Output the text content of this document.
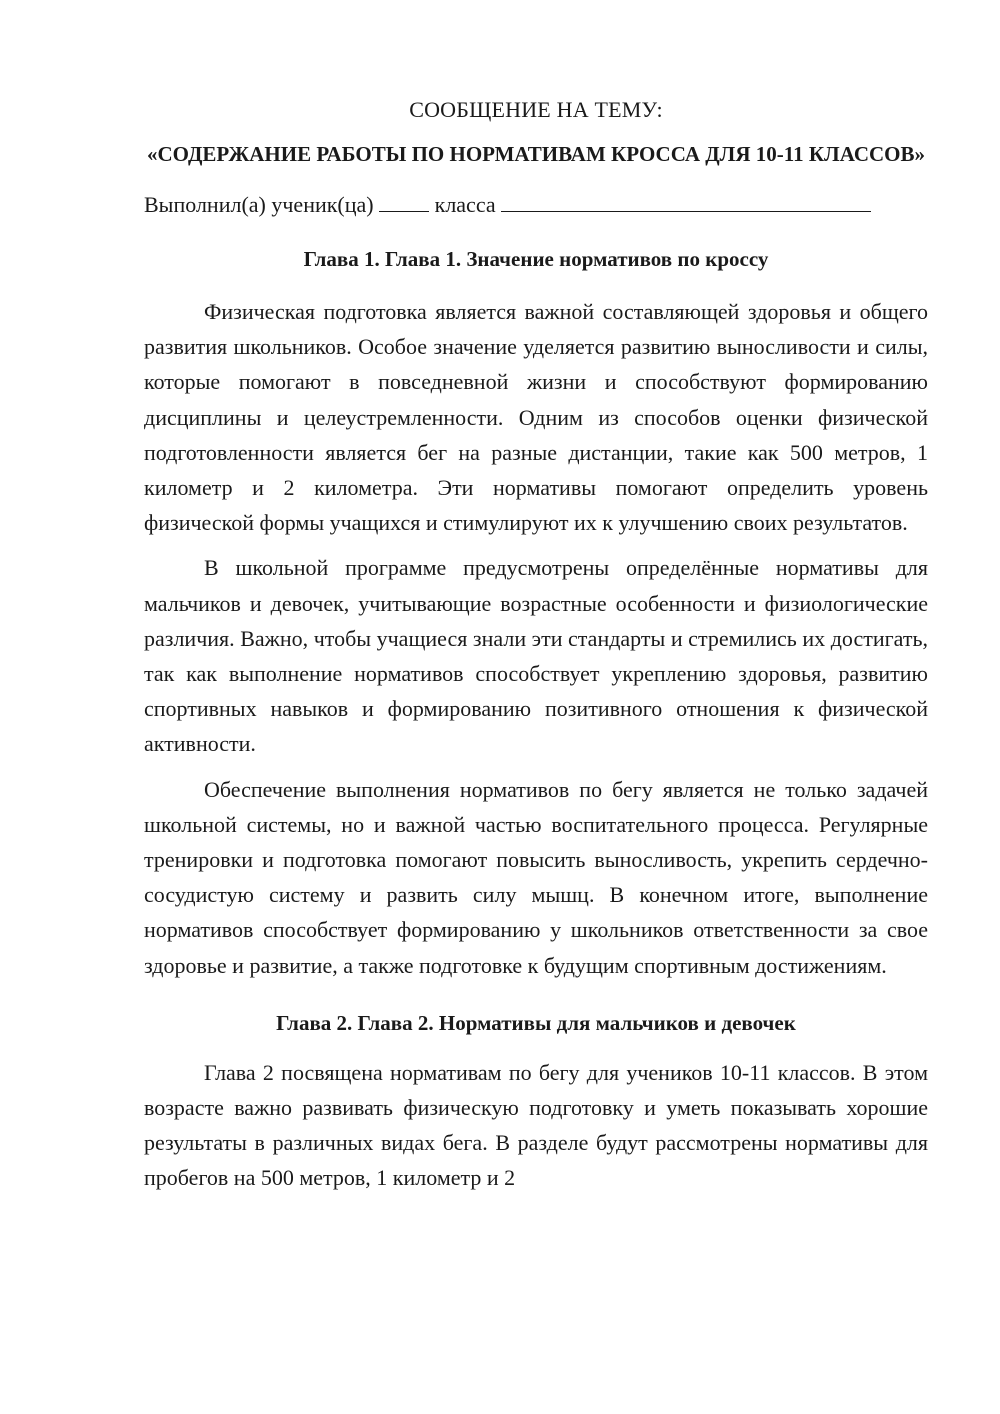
СООБЩЕНИЕ НА ТЕМУ:

«СОДЕРЖАНИЕ РАБОТЫ ПО НОРМАТИВАМ КРОССА ДЛЯ 10-11 КЛАССОВ»

Выполнил(а) ученик(ца)	класса
Глава 1. Глава 1. Значение нормативов по кроссу

Физическая подготовка является важной составляющей здоровья и общего развития школьников. Особое значение уделяется развитию выносливости и силы, которые помогают в повседневной жизни и способствуют формированию дисциплины и целеустремленности. Одним из способов оценки физической подготовленности является бег на разные дистанции, такие как 500 метров, 1 километр и 2 километра. Эти нормативы помогают определить уровень физической формы учащихся и стимулируют их к улучшению своих результатов.

В школьной программе предусмотрены определённые нормативы для мальчиков и девочек, учитывающие возрастные особенности и физиологические различия. Важно, чтобы учащиеся знали эти стандарты и стремились их достигать, так как выполнение нормативов способствует укреплению здоровья, развитию спортивных навыков и формированию позитивного отношения к физической активности.

Обеспечение выполнения нормативов по бегу является не только задачей школьной системы, но и важной частью воспитательного процесса. Регулярные тренировки и подготовка помогают повысить выносливость, укрепить сердечно-сосудистую систему и развить силу мышц. В конечном итоге, выполнение нормативов способствует формированию у школьников ответственности за свое здоровье и развитие, а также подготовке к будущим спортивным достижениям.

Глава 2. Глава 2. Нормативы для мальчиков и девочек

Глава 2 посвящена нормативам по бегу для учеников 10-11 классов. В этом возрасте важно развивать физическую подготовку и уметь показывать хорошие результаты в различных видах бега. В разделе будут рассмотрены нормативы для пробегов на 500 метров, 1 километр и 2
